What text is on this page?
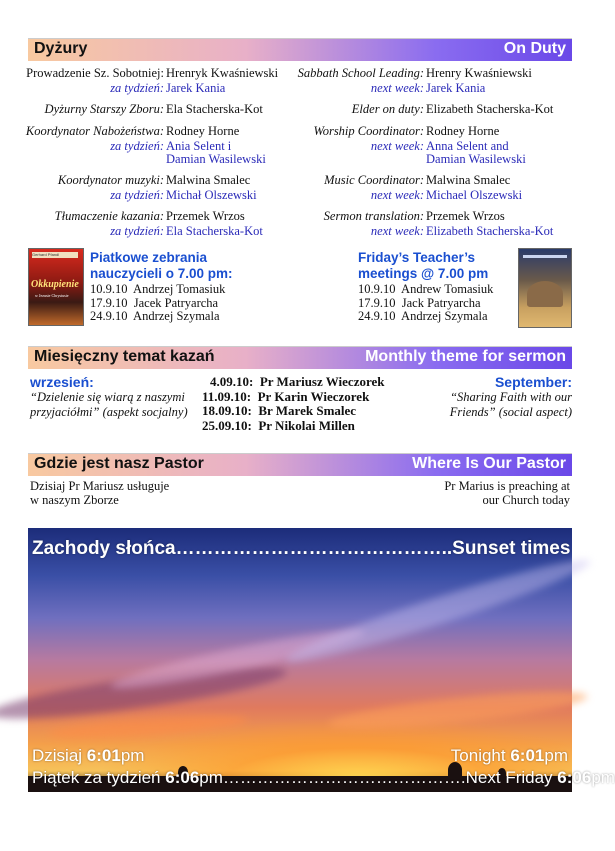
Dyżury	On Duty
Prowadzenie Sz. Sobotniej: Hrenryk Kwaśniewski
za tydzień: Jarek Kania
Dyżurny Starszy Zboru: Ela Stacherska-Kot
Koordynator Nabożeństwa: Rodney Horne
za tydzień: Ania Selent i
Damian Wasilewski
Koordynator muzyki: Malwina Smalec
za tydzień: Michał Olszewski
Tłumaczenie kazania: Przemek Wrzos
za tydzień: Ela Stacherska-Kot
Sabbath School Leading: Hrenry Kwaśniewski
next week: Jarek Kania
Elder on duty: Elizabeth Stacherska-Kot
Worship Coordinator: Rodney Horne
next week: Anna Selent and
Damian Wasilewski
Music Coordinator: Malwina Smalec
next week: Michael Olszewski
Sermon translation: Przemek Wrzos
next week: Elizabeth Stacherska-Kot
Gerhard Pfandl
Okkupienie
w Jezusie Chrystusie
Piatkowe zebrania
nauczycieli o 7.00 pm:
10.9.10  Andrzej Tomasiuk
17.9.10  Jacek Patryarcha
24.9.10  Andrzej Szymala
Friday’s Teacher’s
meetings @ 7.00 pm
10.9.10  Andrew Tomasiuk
17.9.10  Jack Patryarcha
24.9.10  Andrzej Szymala
Miesięczny temat kazań	Monthly theme for sermon
wrzesień:
“Dzielenie się wiarą z naszymi
przyjaciółmi” (aspekt socjalny)
4.09.10:  Pr Mariusz Wieczorek
11.09.10:  Pr Karin Wieczorek
18.09.10:  Br Marek Smalec
25.09.10:  Pr Nikolai Millen
September:
“Sharing Faith with our
Friends” (social aspect)
Gdzie jest nasz Pastor	Where Is Our Pastor
Dzisiaj Pr Mariusz usługuje
w naszym Zborze
Pr Marius is preaching at
our Church today
Zachody słońca……………………………………..Sunset times
Dzisiaj 6:01pm	Tonight 6:01pm
Piątek za tydzień 6:06pm…………………………………….Next Friday 6:06pm
